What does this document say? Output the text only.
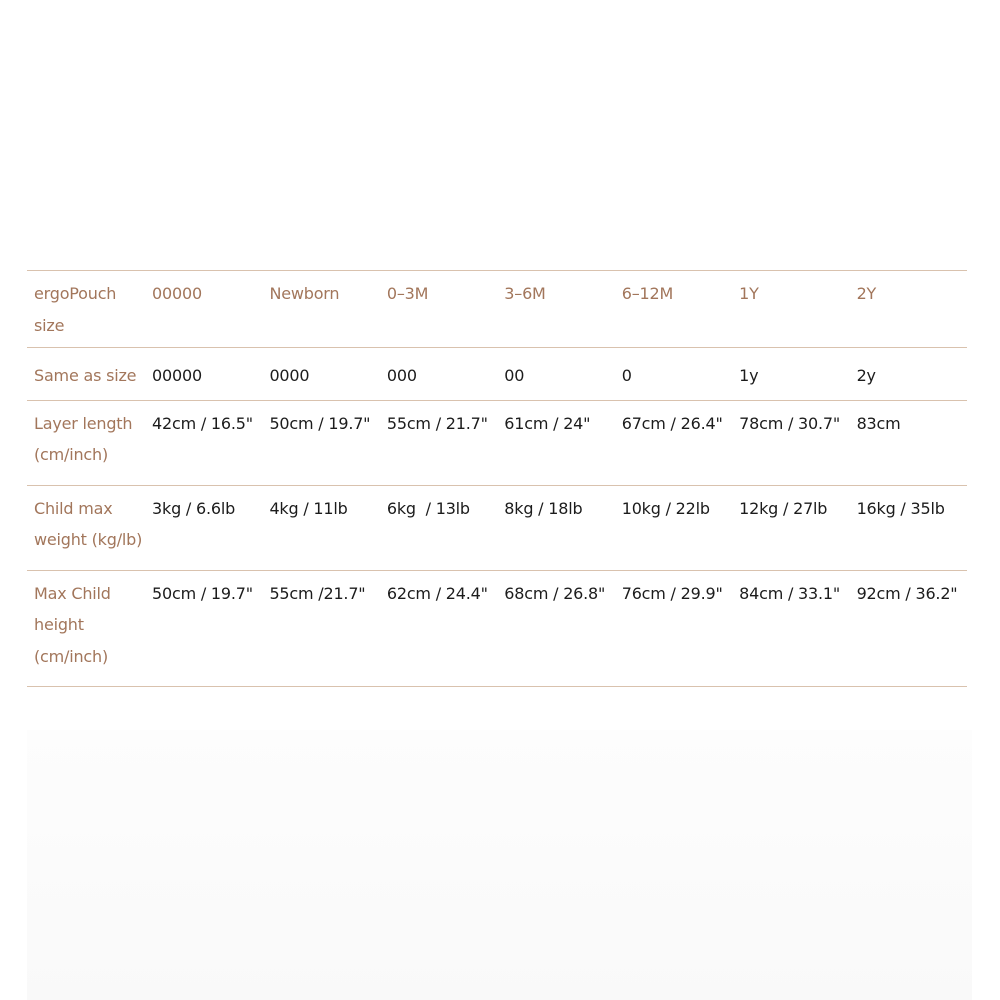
ergoPouch size	00000	Newborn	0–3M	3–6M	6–12M	1Y	2Y
Same as size	00000	0000	000	00	0	1y	2y
Layer length (cm/inch)	42cm / 16.5"	50cm / 19.7"	55cm / 21.7"	61cm / 24"	67cm / 26.4"	78cm / 30.7"	83cm
Child max weight (kg/lb)	3kg / 6.6lb	4kg / 11lb	6kg  / 13lb	8kg / 18lb	10kg / 22lb	12kg / 27lb	16kg / 35lb
Max Child height (cm/inch)	50cm / 19.7"	55cm /21.7"	62cm / 24.4"	68cm / 26.8"	76cm / 29.9"	84cm / 33.1"	92cm / 36.2"
